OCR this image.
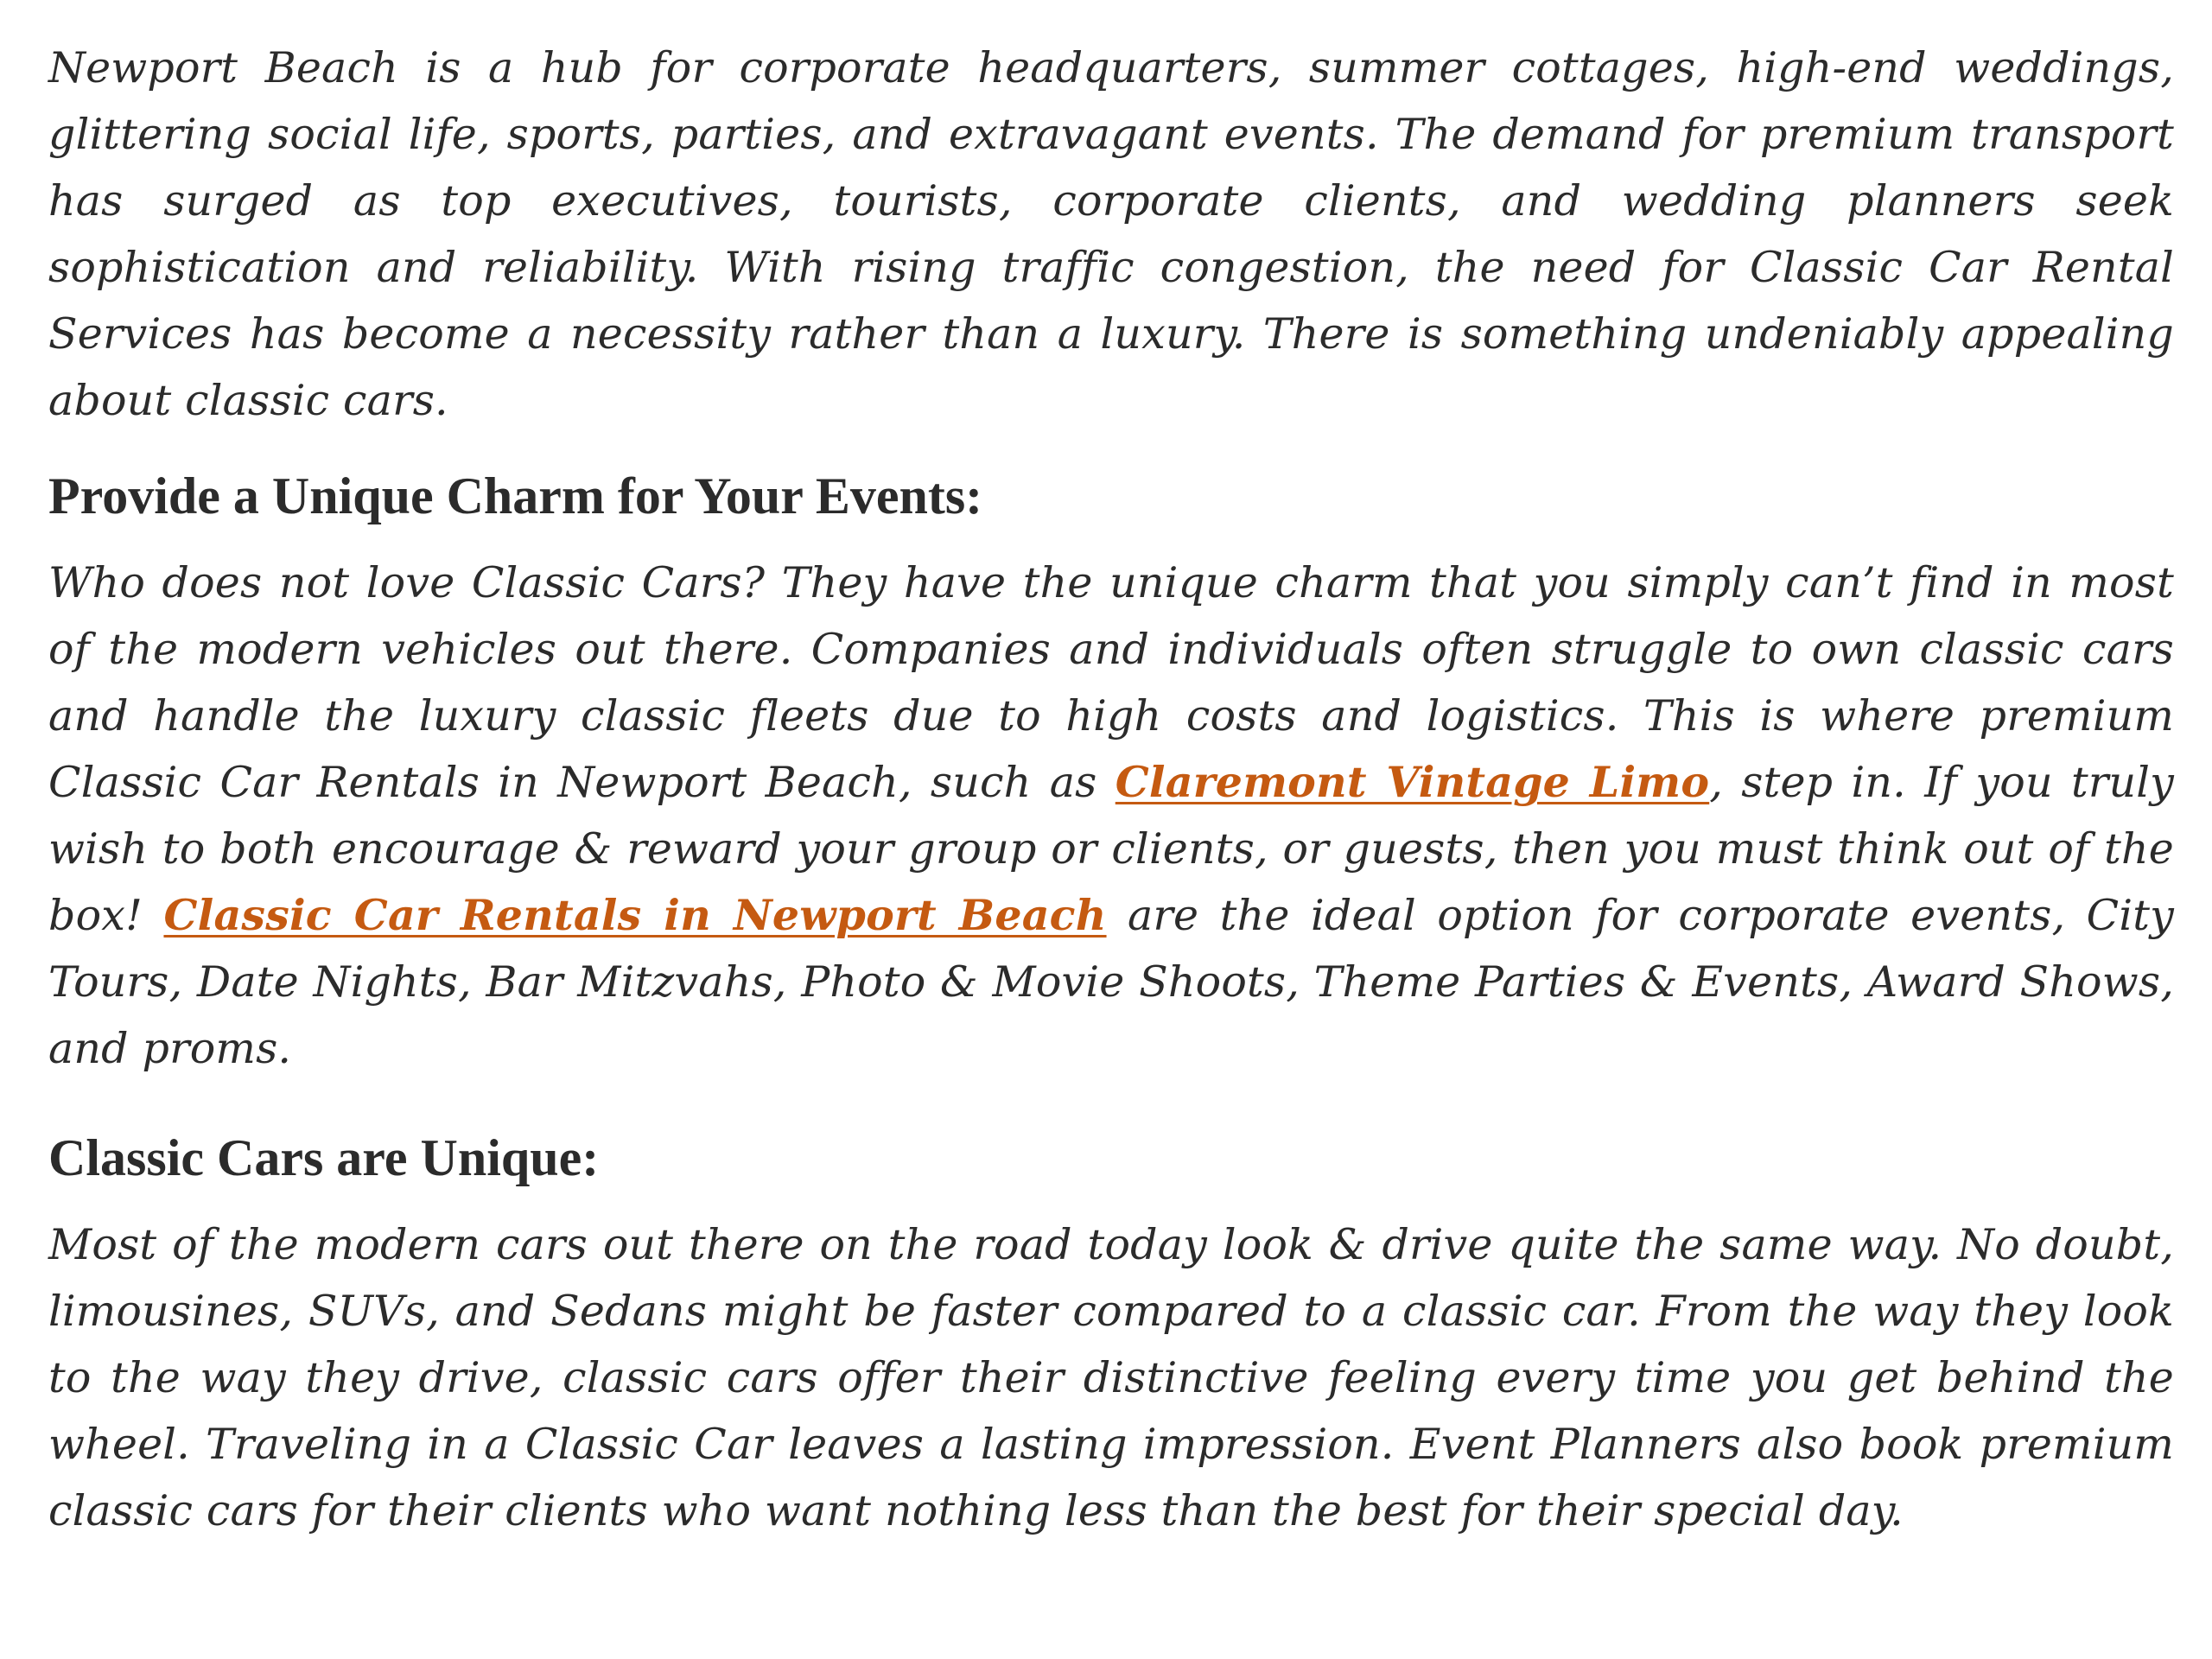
Newport Beach is a hub for corporate headquarters, summer cottages, high-end weddings, glittering social life, sports, parties, and extravagant events. The demand for premium transport has surged as top executives, tourists, corporate clients, and wedding planners seek sophistication and reliability. With rising traffic congestion, the need for Classic Car Rental Services has become a necessity rather than a luxury. There is something undeniably appealing about classic cars.

Provide a Unique Charm for Your Events:

Who does not love Classic Cars? They have the unique charm that you simply can’t find in most of the modern vehicles out there. Companies and individuals often struggle to own classic cars and handle the luxury classic fleets due to high costs and logistics. This is where premium Classic Car Rentals in Newport Beach, such as Claremont Vintage Limo, step in. If you truly wish to both encourage & reward your group or clients, or guests, then you must think out of the box! Classic Car Rentals in Newport Beach are the ideal option for corporate events, City Tours, Date Nights, Bar Mitzvahs, Photo & Movie Shoots, Theme Parties & Events, Award Shows, and proms.

Classic Cars are Unique:

Most of the modern cars out there on the road today look & drive quite the same way. No doubt, limousines, SUVs, and Sedans might be faster compared to a classic car. From the way they look to the way they drive, classic cars offer their distinctive feeling every time you get behind the wheel. Traveling in a Classic Car leaves a lasting impression. Event Planners also book premium classic cars for their clients who want nothing less than the best for their special day.
